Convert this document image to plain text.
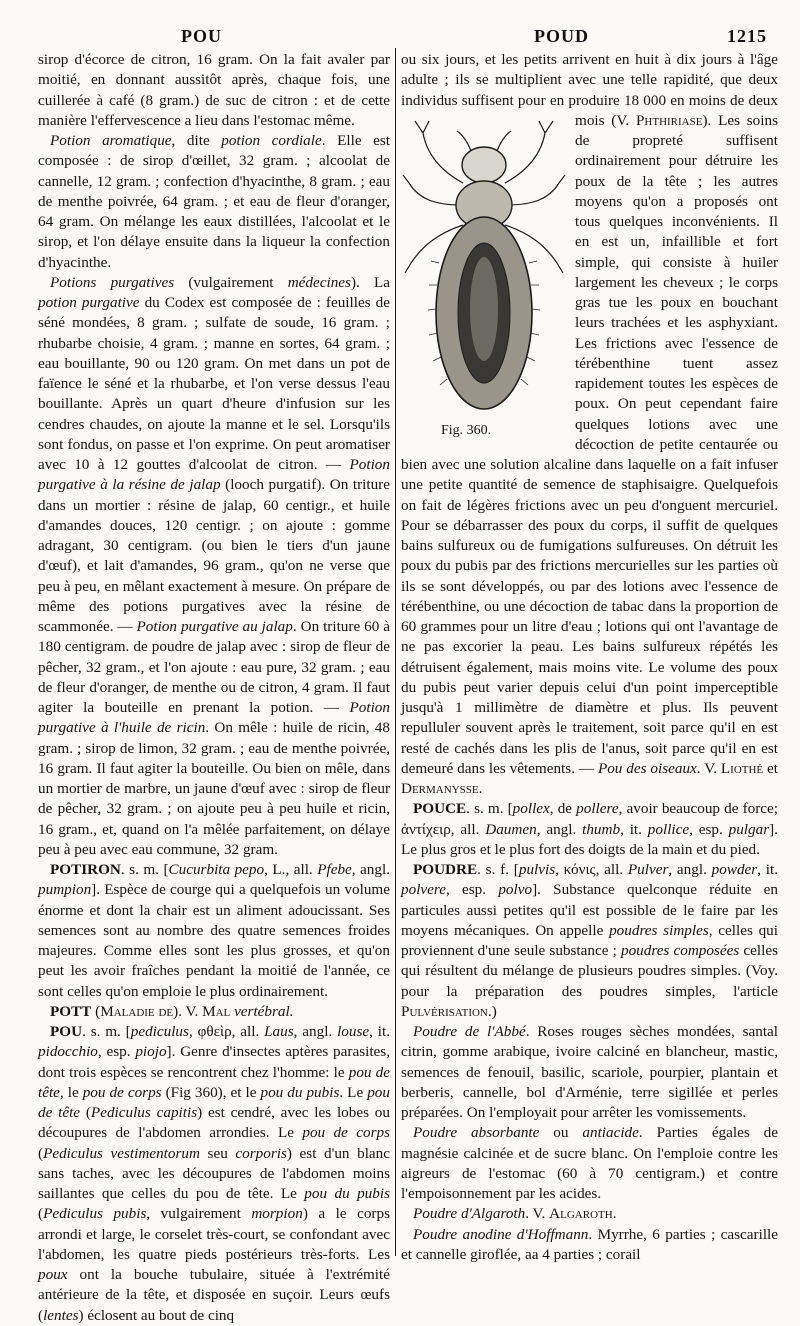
POU	POUD	1215

sirop d'écorce de citron, 16 gram. On la fait avaler par moitié, en donnant aussitôt après, chaque fois, une cuillerée à café (8 gram.) de suc de citron : et de cette manière l'effervescence a lieu dans l'estomac même.

Potion aromatique, dite potion cordiale. Elle est composée : de sirop d'œillet, 32 gram. ; alcoolat de cannelle, 12 gram. ; confection d'hyacinthe, 8 gram. ; eau de menthe poivrée, 64 gram. ; et eau de fleur d'oranger, 64 gram. On mélange les eaux distillées, l'alcoolat et le sirop, et l'on délaye ensuite dans la liqueur la confection d'hyacinthe.

Potions purgatives (vulgairement médecines). La potion purgative du Codex est composée de : feuilles de séné mondées, 8 gram. ; sulfate de soude, 16 gram. ; rhubarbe choisie, 4 gram. ; manne en sortes, 64 gram. ; eau bouillante, 90 ou 120 gram. On met dans un pot de faïence le séné et la rhubarbe, et l'on verse dessus l'eau bouillante. Après un quart d'heure d'infusion sur les cendres chaudes, on ajoute la manne et le sel. Lorsqu'ils sont fondus, on passe et l'on exprime. On peut aromatiser avec 10 à 12 gouttes d'alcoolat de citron. — Potion purgative à la résine de jalap (looch purgatif). On triture dans un mortier : résine de jalap, 60 centigr., et huile d'amandes douces, 120 centigr. ; on ajoute : gomme adragant, 30 centigram. (ou bien le tiers d'un jaune d'œuf), et lait d'amandes, 96 gram., qu'on ne verse que peu à peu, en mêlant exactement à mesure. On prépare de même des potions purgatives avec la résine de scammonée. — Potion purgative au jalap. On triture 60 à 180 centigram. de poudre de jalap avec : sirop de fleur de pêcher, 32 gram., et l'on ajoute : eau pure, 32 gram. ; eau de fleur d'oranger, de menthe ou de citron, 4 gram. Il faut agiter la bouteille en prenant la potion. — Potion purgative à l'huile de ricin. On mêle : huile de ricin, 48 gram. ; sirop de limon, 32 gram. ; eau de menthe poivrée, 16 gram. Il faut agiter la bouteille. Ou bien on mêle, dans un mortier de marbre, un jaune d'œuf avec : sirop de fleur de pêcher, 32 gram. ; on ajoute peu à peu huile et ricin, 16 gram., et, quand on l'a mêlée parfaitement, on délaye peu à peu avec eau commune, 32 gram.

POTIRON. s. m. [Cucurbita pepo, L., all. Pfebe, angl. pumpion]. Espèce de courge qui a quelquefois un volume énorme et dont la chair est un aliment adoucissant. Ses semences sont au nombre des quatre semences froides majeures. Comme elles sont les plus grosses, et qu'on peut les avoir fraîches pendant la moitié de l'année, ce sont celles qu'on emploie le plus ordinairement.

POTT (Maladie de). V. Mal vertébral.

POU. s. m. [pediculus, φθεὶρ, all. Laus, angl. louse, it. pidocchio, esp. piojo]. Genre d'insectes aptères parasites, dont trois espèces se rencontrent chez l'homme: le pou de tête, le pou de corps (Fig 360), et le pou du pubis. Le pou de tête (Pediculus capitis) est cendré, avec les lobes ou découpures de l'abdomen arrondies. Le pou de corps (Pediculus vestimentorum seu corporis) est d'un blanc sans taches, avec les découpures de l'abdomen moins saillantes que celles du pou de tête. Le pou du pubis (Pediculus pubis, vulgairement morpion) a le corps arrondi et large, le corselet très-court, se confondant avec l'abdomen, les quatre pieds postérieurs très-forts. Les poux ont la bouche tubulaire, située à l'extrémité antérieure de la tête, et disposée en suçoir. Leurs œufs (lentes) éclosent au bout de cinq

ou six jours, et les petits arrivent en huit à dix jours à l'âge adulte ; ils se multiplient avec une telle rapidité, que deux individus suffisent pour en produire 18 000 en moins de deux mois (V. Phthiriase
Fig. 360.
). Les soins de propreté suffisent ordinairement pour détruire les poux de la tête ; les autres moyens qu'on a proposés ont tous quelques inconvénients. Il en est un, infaillible et fort simple, qui consiste à huiler largement les cheveux ; le corps gras tue les poux en bouchant leurs trachées et les asphyxiant. Les frictions avec l'essence de térébenthine tuent assez rapidement toutes les espèces de poux. On peut cependant faire quelques lotions avec une décoction de petite centaurée ou bien avec une solution alcaline dans laquelle on a fait infuser une petite quantité de semence de staphisaigre. Quelquefois on fait de légères frictions avec un peu d'onguent mercuriel. Pour se débarrasser des poux du corps, il suffit de quelques bains sulfureux ou de fumigations sulfureuses. On détruit les poux du pubis par des frictions mercurielles sur les parties où ils se sont développés, ou par des lotions avec l'essence de térébenthine, ou une décoction de tabac dans la proportion de 60 grammes pour un litre d'eau ; lotions qui ont l'avantage de ne pas excorier la peau. Les bains sulfureux répétés les détruisent également, mais moins vite. Le volume des poux du pubis peut varier depuis celui d'un point imperceptible jusqu'à 1 millimètre de diamètre et plus. Ils peuvent repulluler souvent après le traitement, soit parce qu'il en est resté de cachés dans les plis de l'anus, soit parce qu'il en est demeuré dans les vêtements. — Pou des oiseaux. V. Liothé et Dermanysse.

POUCE. s. m. [pollex, de pollere, avoir beaucoup de force; ἀντίχειρ, all. Daumen, angl. thumb, it. pollice, esp. pulgar]. Le plus gros et le plus fort des doigts de la main et du pied.

POUDRE. s. f. [pulvis, κόνις, all. Pulver, angl. powder, it. polvere, esp. polvo]. Substance quelconque réduite en particules aussi petites qu'il est possible de le faire par les moyens mécaniques. On appelle poudres simples, celles qui proviennent d'une seule substance ; poudres composées celles qui résultent du mélange de plusieurs poudres simples. (Voy. pour la préparation des poudres simples, l'article Pulvérisation.)

Poudre de l'Abbé. Roses rouges sèches mondées, santal citrin, gomme arabique, ivoire calciné en blancheur, mastic, semences de fenouil, basilic, scariole, pourpier, plantain et berberis, cannelle, bol d'Arménie, terre sigillée et perles préparées. On l'employait pour arrêter les vomissements.

Poudre absorbante ou antiacide. Parties égales de magnésie calcinée et de sucre blanc. On l'emploie contre les aigreurs de l'estomac (60 à 70 centigram.) et contre l'empoisonnement par les acides.

Poudre d'Algaroth. V. Algaroth.

Poudre anodine d'Hoffmann. Myrrhe, 6 parties ; cascarille et cannelle giroflée, aa 4 parties ; corail
